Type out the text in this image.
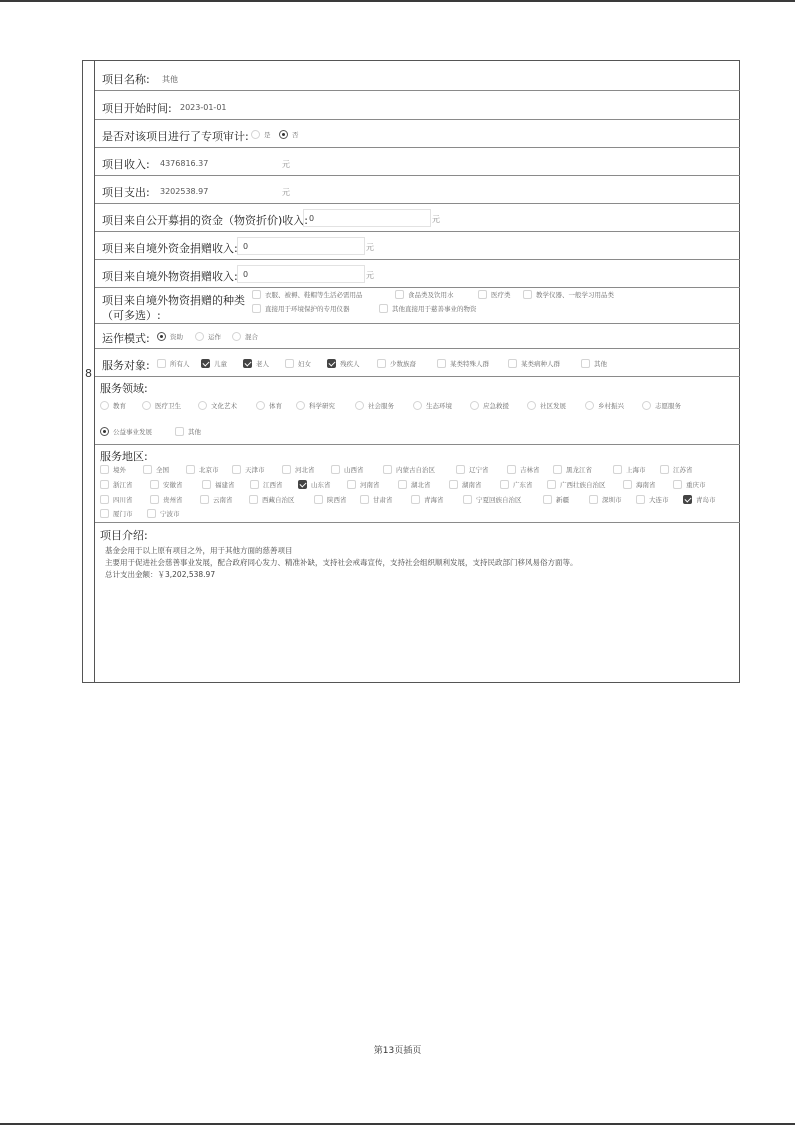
8
项目名称: 其他
项目开始时间: 2023-01-01
是否对该项目进行了专项审计: 是	否
项目收入: 4376816.37	元
项目支出: 3202538.97	元
项目来自公开募捐的资金（物资折价)收入: 0	元
项目来自境外资金捐赠收入: 0	元
项目来自境外物资捐赠收入: 0	元
项目来自境外物资捐赠的种类
（可多选）:
衣服、被褥、鞋帽等生活必需用品	食品类及饮用水	医疗类	教学仪器、一般学习用品类
直接用于环境保护的专用仪器	其他直接用于慈善事业的物资
运作模式:	资助	运作	混合
服务对象:	所有人	儿童	老人	妇女	残疾人	少数族裔	某类特殊人群	某类病种人群	其他
服务领域:
教育	医疗卫生	文化艺术	体育	科学研究	社会服务	生态环境	应急救援	社区发展	乡村振兴	志愿服务
公益事业发展	其他
服务地区:
境外	全国	北京市	天津市	河北省	山西省	内蒙古自治区	辽宁省	吉林省	黑龙江省	上海市	江苏省
浙江省	安徽省	福建省	江西省	山东省	河南省	湖北省	湖南省	广东省	广西壮族自治区	海南省	重庆市
四川省	贵州省	云南省	西藏自治区	陕西省	甘肃省	青海省	宁夏回族自治区	新疆	深圳市	大连市	青岛市
厦门市	宁波市
项目介绍:
基金会用于以上原有项目之外，用于其他方面的慈善项目
主要用于促进社会慈善事业发展，配合政府同心发力、精准补缺，支持社会戒毒宣传，支持社会组织顺利发展，支持民政部门移风易俗方面等。
总计支出金额：￥3,202,538.97
第13页插页
